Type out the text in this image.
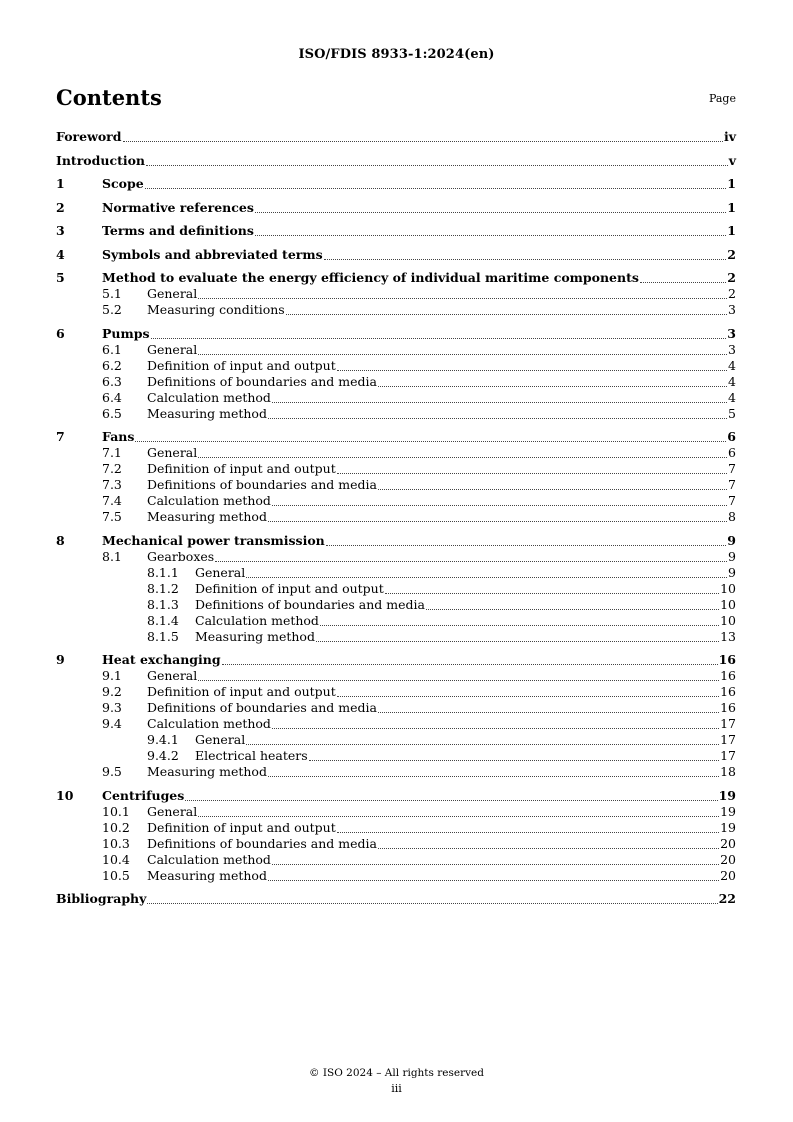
ISO/FDIS 8933-1:2024(en)
Contents	Page
Foreword	iv
Introduction	v
1	Scope	1
2	Normative references	1
3	Terms and definitions	1
4	Symbols and abbreviated terms	2
5	Method to evaluate the energy efficiency of individual maritime components	2
5.1	General	2
5.2	Measuring conditions	3
6	Pumps	3
6.1	General	3
6.2	Definition of input and output	4
6.3	Definitions of boundaries and media	4
6.4	Calculation method	4
6.5	Measuring method	5
7	Fans	6
7.1	General	6
7.2	Definition of input and output	7
7.3	Definitions of boundaries and media	7
7.4	Calculation method	7
7.5	Measuring method	8
8	Mechanical power transmission	9
8.1	Gearboxes	9
8.1.1	General	9
8.1.2	Definition of input and output	10
8.1.3	Definitions of boundaries and media	10
8.1.4	Calculation method	10
8.1.5	Measuring method	13
9	Heat exchanging	16
9.1	General	16
9.2	Definition of input and output	16
9.3	Definitions of boundaries and media	16
9.4	Calculation method	17
9.4.1	General	17
9.4.2	Electrical heaters	17
9.5	Measuring method	18
10	Centrifuges	19
10.1	General	19
10.2	Definition of input and output	19
10.3	Definitions of boundaries and media	20
10.4	Calculation method	20
10.5	Measuring method	20
Bibliography	22
© ISO 2024 – All rights reserved
iii
